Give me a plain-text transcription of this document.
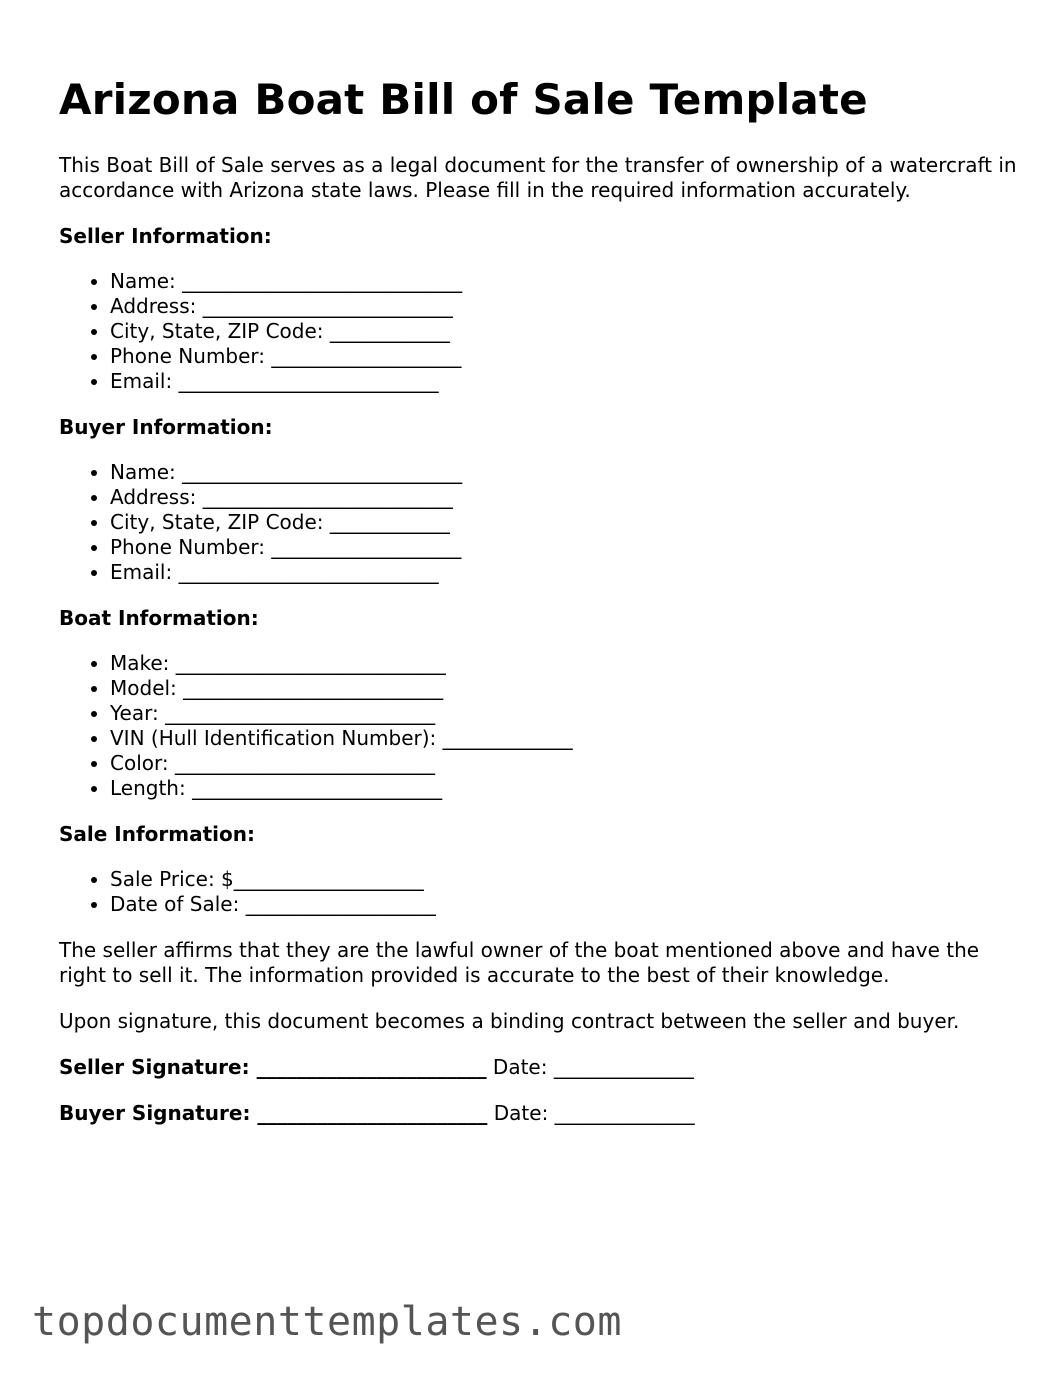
Arizona Boat Bill of Sale Template

This Boat Bill of Sale serves as a legal document for the transfer of ownership of a watercraft in accordance with Arizona state laws. Please fill in the required information accurately.

Seller Information:

• Name: ____________________________
• Address: _________________________
• City, State, ZIP Code: ____________
• Phone Number: ___________________
• Email: __________________________

Buyer Information:

• Name: ____________________________
• Address: _________________________
• City, State, ZIP Code: ____________
• Phone Number: ___________________
• Email: __________________________

Boat Information:

• Make: ___________________________
• Model: __________________________
• Year: ___________________________
• VIN (Hull Identification Number): _____________
• Color: __________________________
• Length: _________________________

Sale Information:

• Sale Price: $___________________
• Date of Sale: ___________________

The seller affirms that they are the lawful owner of the boat mentioned above and have the right to sell it. The information provided is accurate to the best of their knowledge.

Upon signature, this document becomes a binding contract between the seller and buyer.

Seller Signature: _______________________ Date: ______________

Buyer Signature: _______________________ Date: ______________

topdocumenttemplates.com
